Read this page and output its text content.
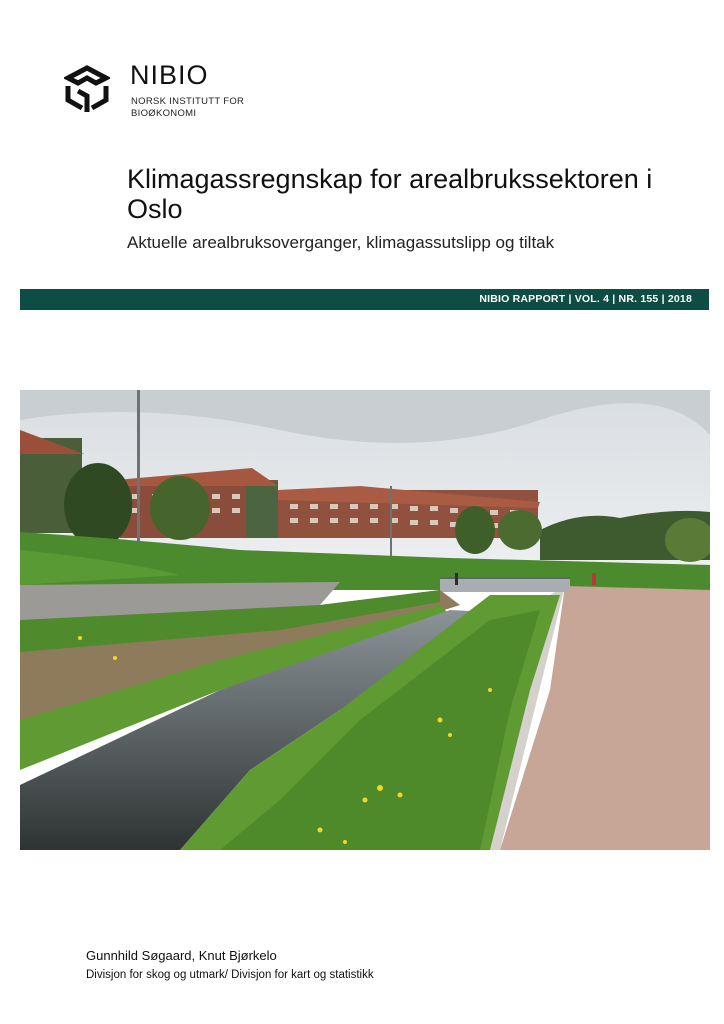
NIBIO
NORSK INSTITUTT FOR
BIOØKONOMI
Klimagassregnskap for arealbrukssektoren i Oslo
Aktuelle arealbruksoverganger, klimagassutslipp og tiltak
NIBIO RAPPORT | VOL. 4 | NR. 155 | 2018
Gunnhild Søgaard, Knut Bjørkelo
Divisjon for skog og utmark/ Divisjon for kart og statistikk
